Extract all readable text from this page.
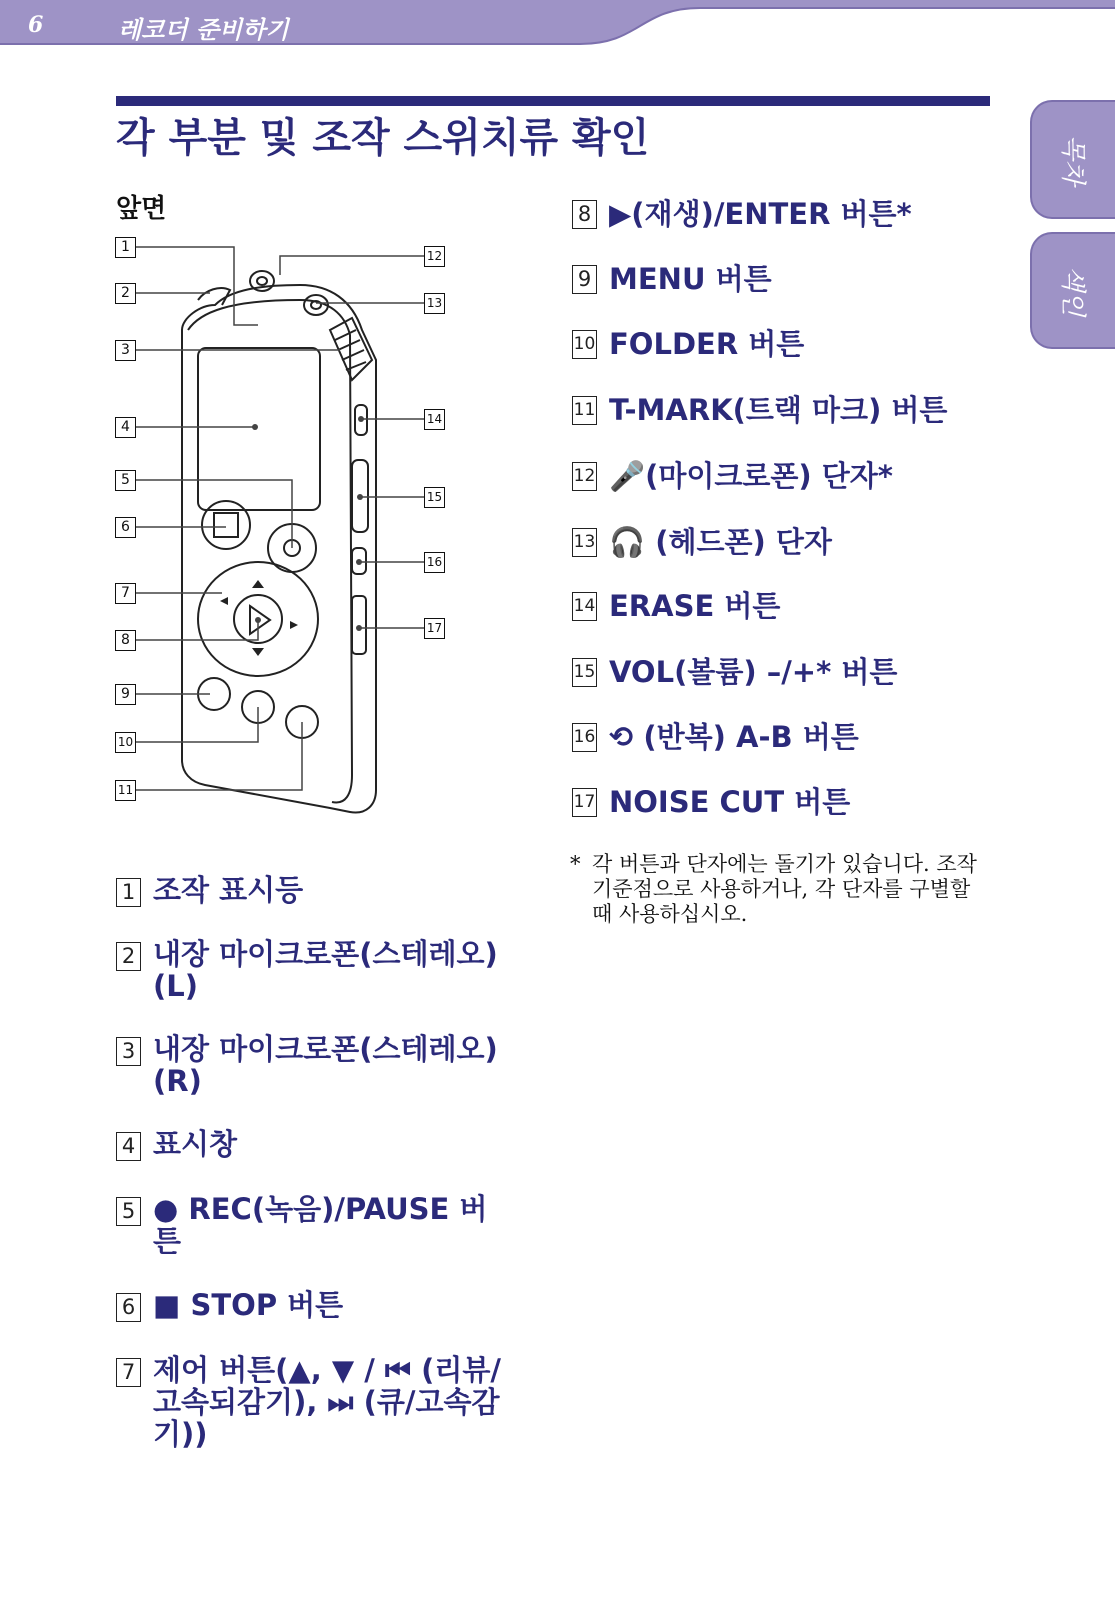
6	레코더 준비하기
각 부분 및 조작 스위치류 확인	목차
색인
앞면
1
2
3
4
5
6
7
8
9
10
11
12
13
14
15
16
17
1 조작 표시등
2 내장 마이크로폰(스테레오)(L)
3 내장 마이크로폰(스테레오)(R)
4 표시창
5 ● REC(녹음)/PAUSE 버튼
6 ■ STOP 버튼
7 제어 버튼(▲, ▼ / ⏮ (리뷰/고속되감기), ⏭ (큐/고속감기))
8 ▶(재생)/ENTER 버튼*
9 MENU 버튼
10 FOLDER 버튼
11 T-MARK(트랙 마크) 버튼
12 🎤(마이크로폰) 단자*
13 🎧 (헤드폰) 단자
14 ERASE 버튼
15 VOL(볼륨) –/+* 버튼
16 ⟲ (반복) A-B 버튼
17 NOISE CUT 버튼
* 각 버튼과 단자에는 돌기가 있습니다. 조작 기준점으로 사용하거나, 각 단자를 구별할 때 사용하십시오.
